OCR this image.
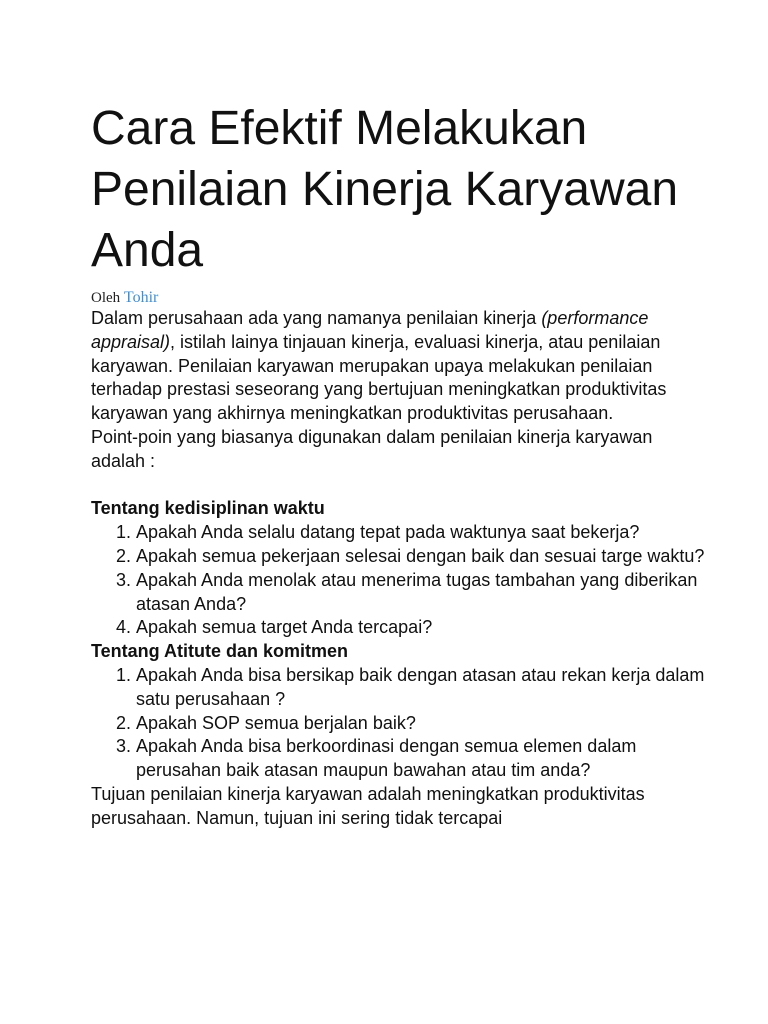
Cara Efektif Melakukan Penilaian Kinerja Karyawan Anda
Oleh Tohir

Dalam perusahaan ada yang namanya penilaian kinerja (performance appraisal), istilah lainya tinjauan kinerja, evaluasi kinerja, atau penilaian karyawan. Penilaian karyawan merupakan upaya melakukan penilaian terhadap prestasi seseorang yang bertujuan meningkatkan produktivitas karyawan yang akhirnya meningkatkan produktivitas perusahaan.

Point-poin yang biasanya digunakan dalam penilaian kinerja karyawan adalah :

Tentang kedisiplinan waktu
1. Apakah Anda selalu datang tepat pada waktunya saat bekerja?
2. Apakah semua pekerjaan selesai dengan baik dan sesuai targe waktu?
3. Apakah Anda menolak atau menerima tugas tambahan yang diberikan atasan Anda?
4. Apakah semua target Anda tercapai?
Tentang Atitute dan komitmen
1. Apakah Anda bisa bersikap baik dengan atasan atau rekan kerja dalam satu perusahaan ?
2. Apakah SOP semua berjalan baik?
3. Apakah Anda bisa berkoordinasi dengan semua elemen dalam perusahan baik atasan maupun bawahan atau tim anda?

Tujuan penilaian kinerja karyawan adalah meningkatkan produktivitas perusahaan. Namun, tujuan ini sering tidak tercapai
